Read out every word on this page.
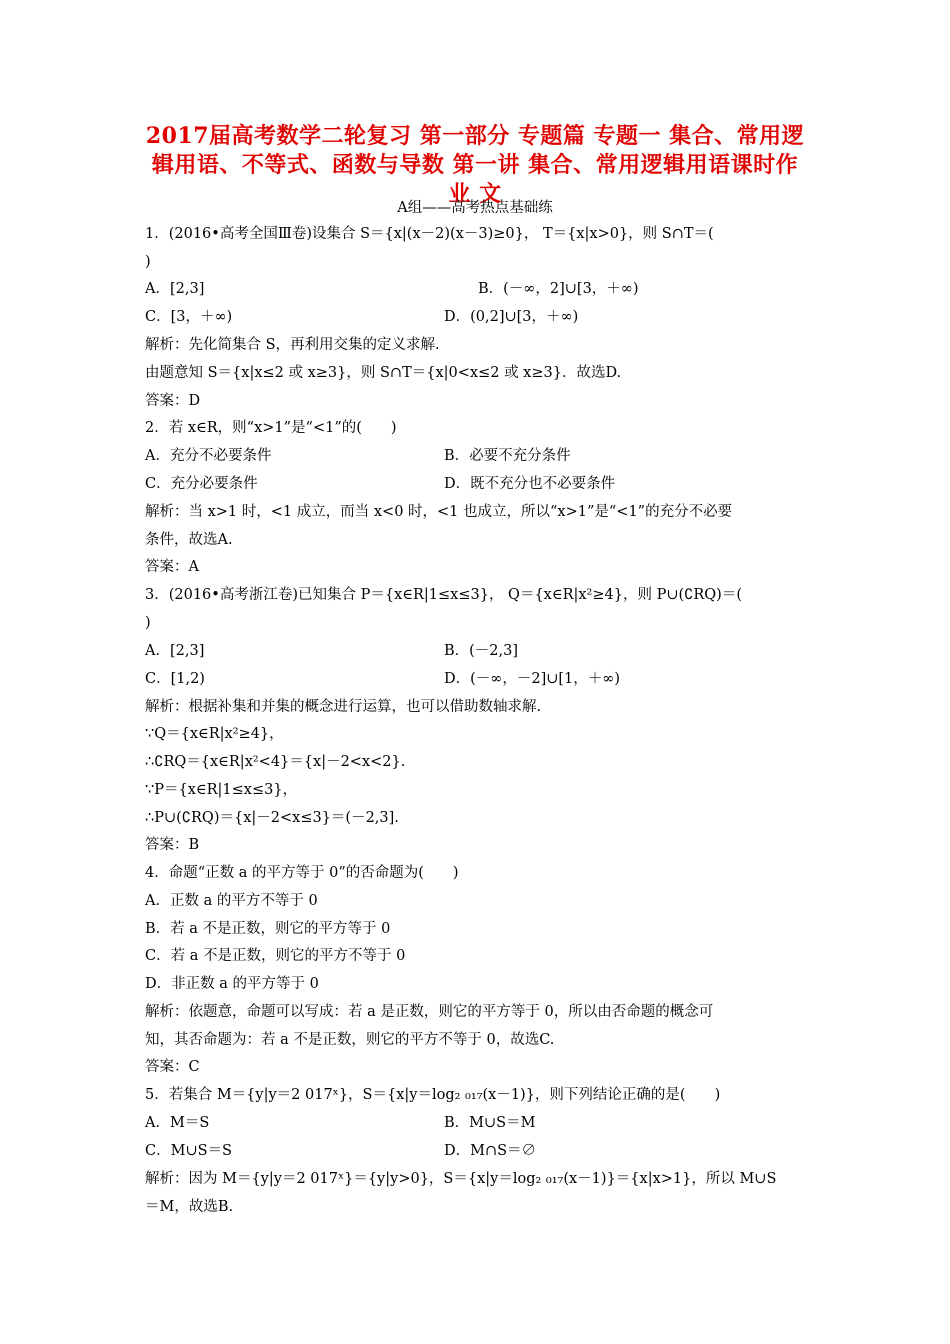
2017届高考数学二轮复习 第一部分 专题篇 专题一 集合、常用逻
辑用语、不等式、函数与导数 第一讲 集合、常用逻辑用语课时作
业 文
A组——高考热点基础练
1．(2016•高考全国Ⅲ卷)设集合 S＝{x|(x－2)(x－3)≥0}， T＝{x|x>0}，则 S∩T＝(
)
A．[2,3]	B．(－∞，2]∪[3，＋∞)
C．[3，＋∞)	D．(0,2]∪[3，＋∞)
解析：先化简集合 S，再利用交集的定义求解.
由题意知 S＝{x|x≤2 或 x≥3}，则 S∩T＝{x|0<x≤2 或 x≥3}．故选D.
答案：D
2．若 x∈R，则“x>1”是“<1”的(　　)
A．充分不必要条件	B．必要不充分条件
C．充分必要条件	D．既不充分也不必要条件
解析：当 x>1 时，<1 成立，而当 x<0 时，<1 也成立，所以“x>1”是“<1”的充分不必要
条件，故选A.
答案：A
3．(2016•高考浙江卷)已知集合 P＝{x∈R|1≤x≤3}， Q＝{x∈R|x²≥4}，则 P∪(∁RQ)＝(
)
A．[2,3]	B．(－2,3]
C．[1,2)	D．(－∞，－2]∪[1，＋∞)
解析：根据补集和并集的概念进行运算，也可以借助数轴求解.
∵Q＝{x∈R|x²≥4}，
∴∁RQ＝{x∈R|x²<4}＝{x|－2<x<2}.
∵P＝{x∈R|1≤x≤3}，
∴P∪(∁RQ)＝{x|－2<x≤3}＝(－2,3].
答案：B
4．命题“正数 a 的平方等于 0”的否命题为(　　)
A．正数 a 的平方不等于 0
B．若 a 不是正数，则它的平方等于 0
C．若 a 不是正数，则它的平方不等于 0
D．非正数 a 的平方等于 0
解析：依题意，命题可以写成：若 a 是正数，则它的平方等于 0，所以由否命题的概念可
知，其否命题为：若 a 不是正数，则它的平方不等于 0，故选C.
答案：C
5．若集合 M＝{y|y＝2 017ˣ}，S＝{x|y＝log₂ ₀₁₇(x－1)}，则下列结论正确的是(　　)
A．M＝S	B．M∪S＝M
C．M∪S＝S	D．M∩S＝∅
解析：因为 M＝{y|y＝2 017ˣ}＝{y|y>0}，S＝{x|y＝log₂ ₀₁₇(x－1)}＝{x|x>1}，所以 M∪S
＝M，故选B.
